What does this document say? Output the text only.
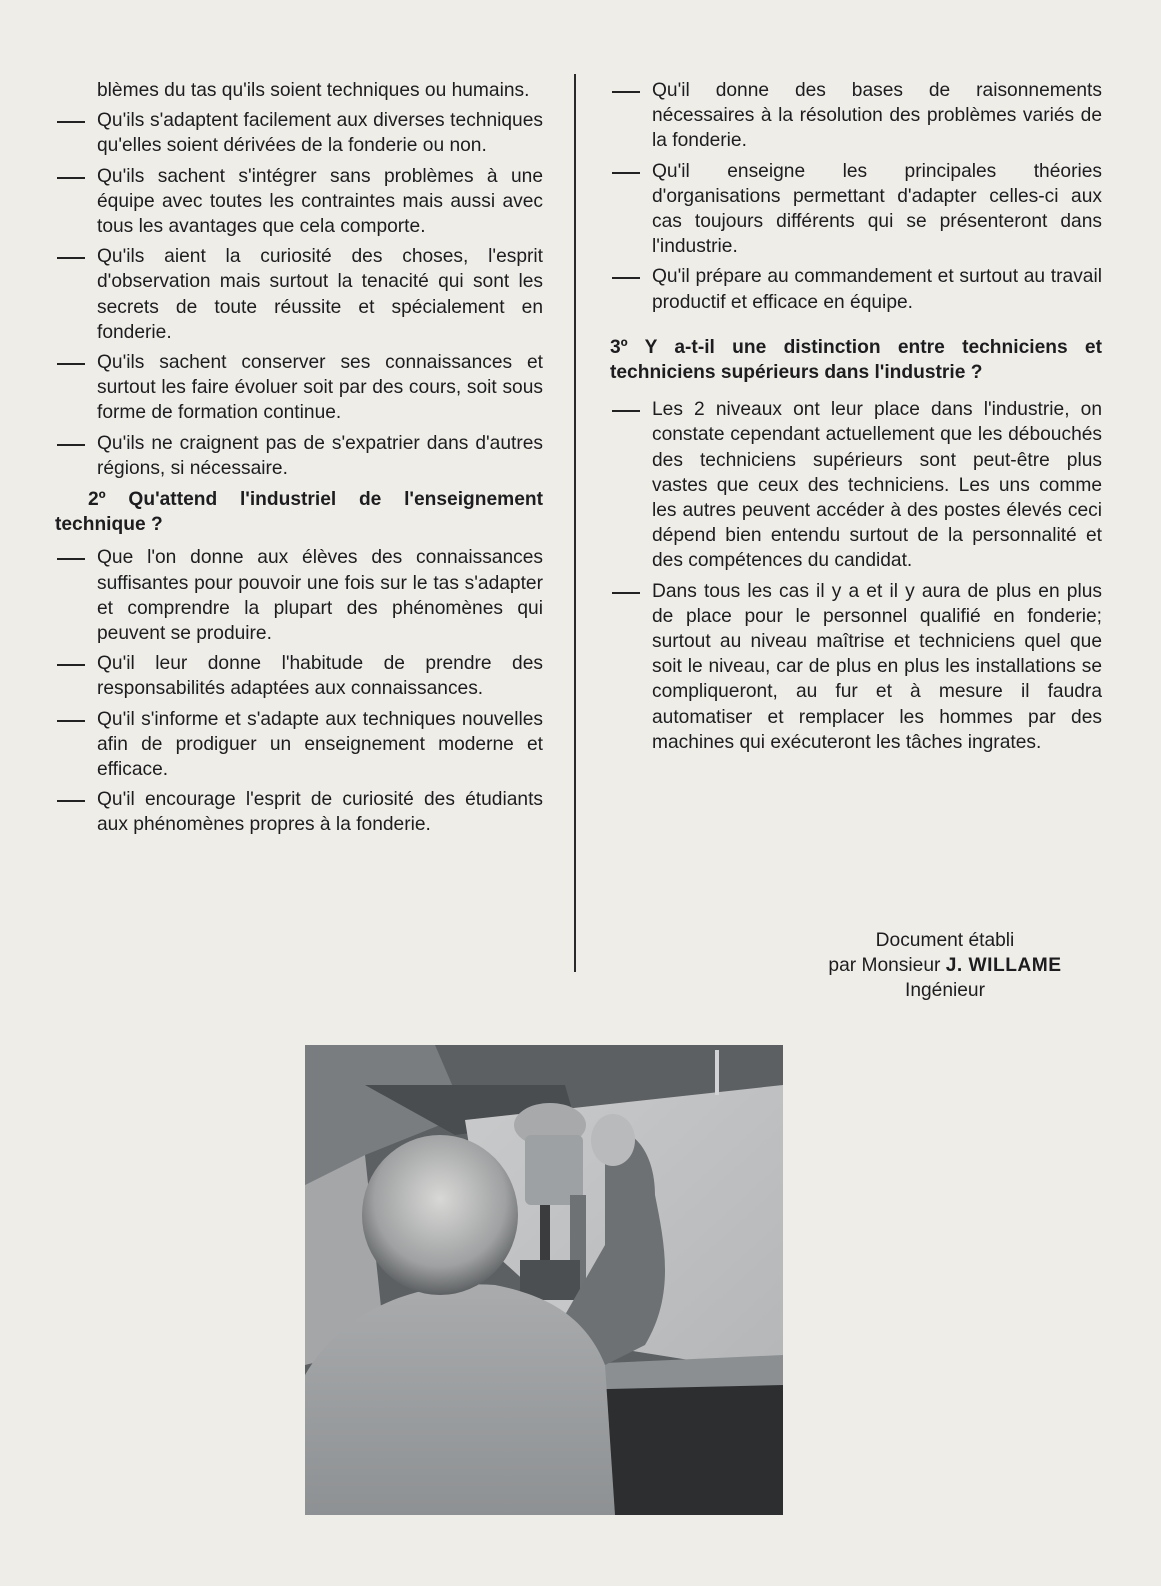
blèmes du tas qu'ils soient techniques ou humains.
Qu'ils s'adaptent facilement aux diverses techniques qu'elles soient dérivées de la fonderie ou non.
Qu'ils sachent s'intégrer sans problèmes à une équipe avec toutes les contraintes mais aussi avec tous les avantages que cela comporte.
Qu'ils aient la curiosité des choses, l'esprit d'observation mais surtout la tenacité qui sont les secrets de toute réussite et spécialement en fonderie.
Qu'ils sachent conserver ses connaissances et surtout les faire évoluer soit par des cours, soit sous forme de formation continue.
Qu'ils ne craignent pas de s'expatrier dans d'autres régions, si nécessaire.
2º Qu'attend l'industriel de l'enseignement technique ?
Que l'on donne aux élèves des connaissances suffisantes pour pouvoir une fois sur le tas s'adapter et comprendre la plupart des phénomènes qui peuvent se produire.
Qu'il leur donne l'habitude de prendre des responsabilités adaptées aux connaissances.
Qu'il s'informe et s'adapte aux techniques nouvelles afin de prodiguer un enseignement moderne et efficace.
Qu'il encourage l'esprit de curiosité des étudiants aux phénomènes propres à la fonderie.
Qu'il donne des bases de raisonnements nécessaires à la résolution des problèmes variés de la fonderie.
Qu'il enseigne les principales théories d'organisations permettant d'adapter celles-ci aux cas toujours différents qui se présenteront dans l'industrie.
Qu'il prépare au commandement et surtout au travail productif et efficace en équipe.
3º Y a-t-il une distinction entre techniciens et techniciens supérieurs dans l'industrie ?
Les 2 niveaux ont leur place dans l'industrie, on constate cependant actuellement que les débouchés des techniciens supérieurs sont peut-être plus vastes que ceux des techniciens. Les uns comme les autres peuvent accéder à des postes élevés ceci dépend bien entendu surtout de la personnalité et des compétences du candidat.
Dans tous les cas il y a et il y aura de plus en plus de place pour le personnel qualifié en fonderie; surtout au niveau maîtrise et techniciens quel que soit le niveau, car de plus en plus les installations se compliqueront, au fur et à mesure il faudra automatiser et remplacer les hommes par des machines qui exécuteront les tâches ingrates.
Document établi
par Monsieur J. WILLAME
Ingénieur
